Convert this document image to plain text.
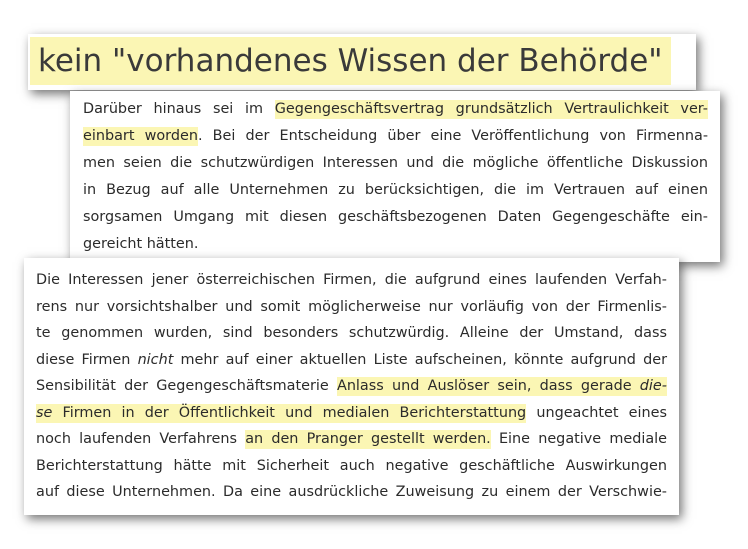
kein "vorhandenes Wissen der Behörde"

Darüber hinaus sei im Gegengeschäftsvertrag grundsätzlich Vertraulichkeit ver-
einbart worden. Bei der Entscheidung über eine Veröffentlichung von Firmenna-
men seien die schutzwürdigen Interessen und die mögliche öffentliche Diskussion
in Bezug auf alle Unternehmen zu berücksichtigen, die im Vertrauen auf einen
sorgsamen Umgang mit diesen geschäftsbezogenen Daten Gegengeschäfte ein-
gereicht hätten.

Die Interessen jener österreichischen Firmen, die aufgrund eines laufenden Verfah-
rens nur vorsichtshalber und somit möglicherweise nur vorläufig von der Firmenlis-
te genommen wurden, sind besonders schutzwürdig. Alleine der Umstand, dass
diese Firmen nicht mehr auf einer aktuellen Liste aufscheinen, könnte aufgrund der
Sensibilität der Gegengeschäftsmaterie Anlass und Auslöser sein, dass gerade die-
se Firmen in der Öffentlichkeit und medialen Berichterstattung ungeachtet eines
noch laufenden Verfahrens an den Pranger gestellt werden. Eine negative mediale
Berichterstattung hätte mit Sicherheit auch negative geschäftliche Auswirkungen
auf diese Unternehmen. Da eine ausdrückliche Zuweisung zu einem der Verschwie-
